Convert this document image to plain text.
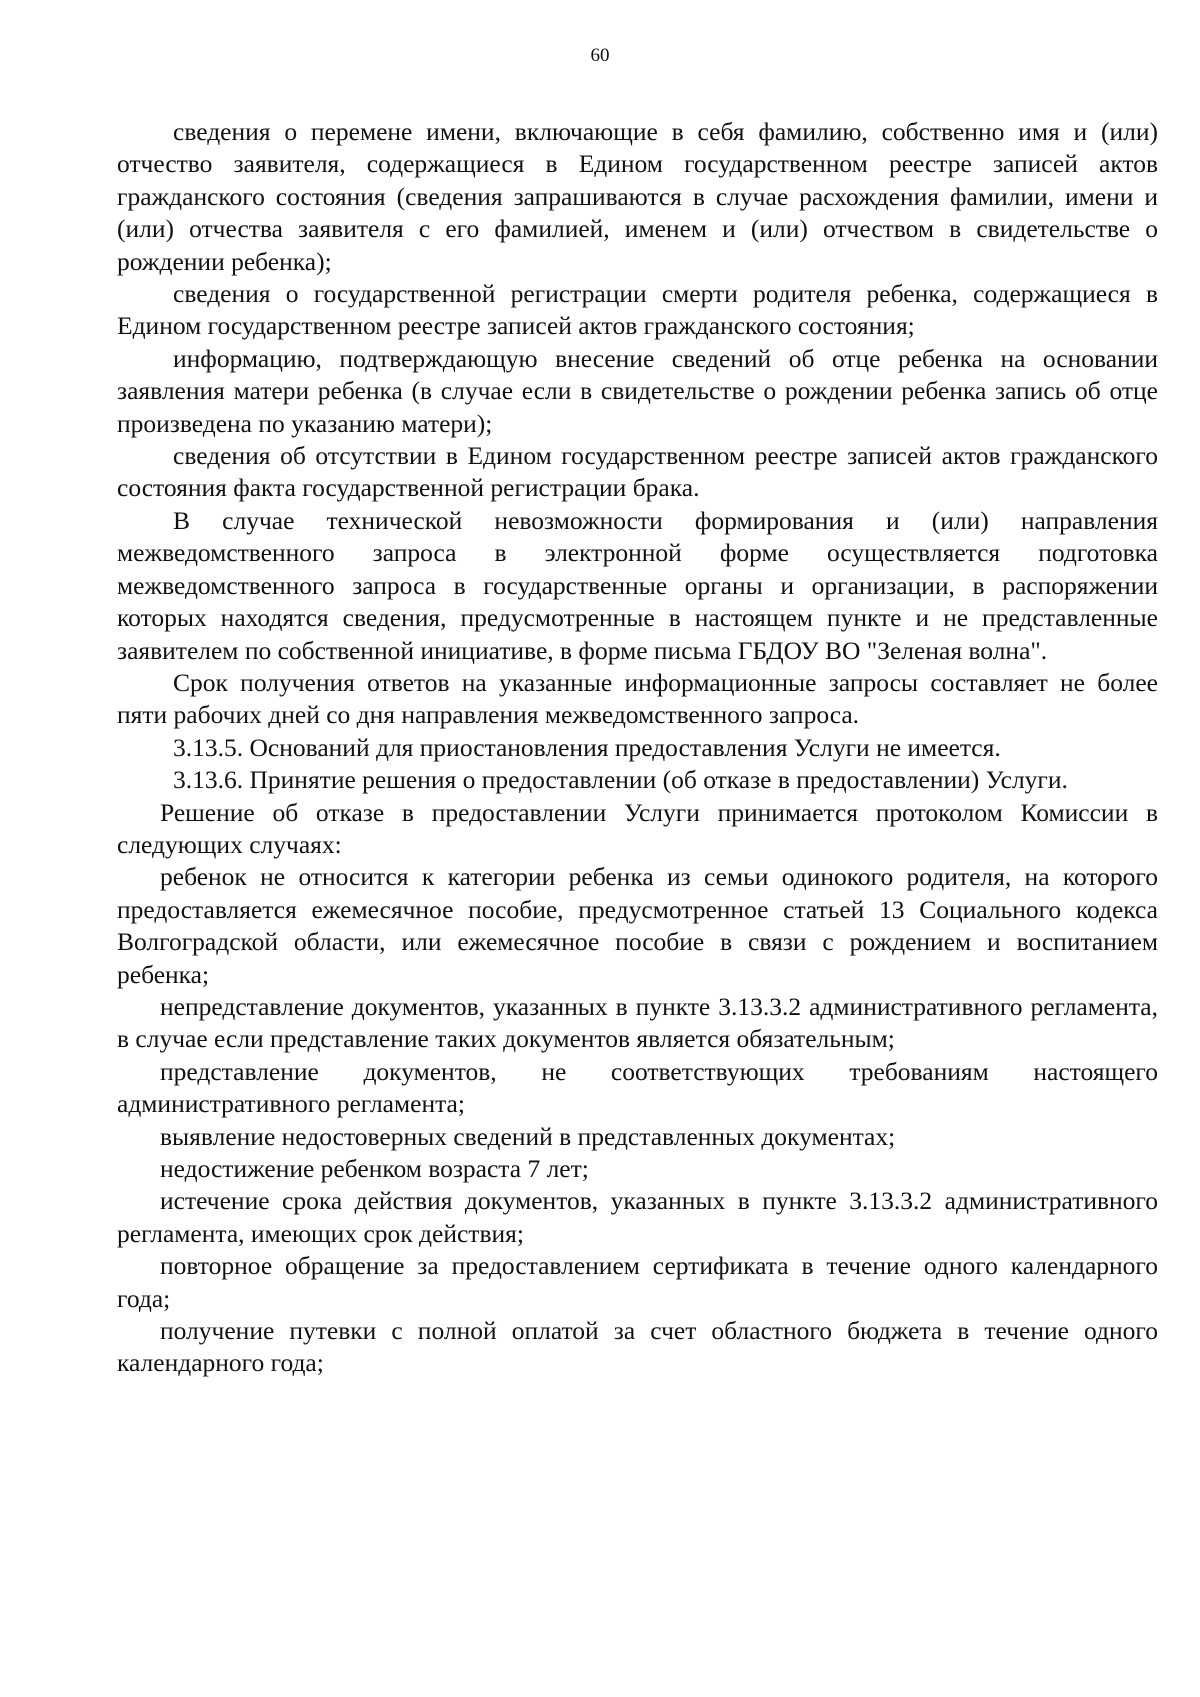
60

сведения о перемене имени, включающие в себя фамилию, собственно имя и (или) отчество заявителя, содержащиеся в Едином государственном реестре записей актов гражданского состояния (сведения запрашиваются в случае расхождения фамилии, имени и (или) отчества заявителя с его фамилией, именем и (или) отчеством в свидетельстве о рождении ребенка);

сведения о государственной регистрации смерти родителя ребенка, содержащиеся в Едином государственном реестре записей актов гражданского состояния;

информацию, подтверждающую внесение сведений об отце ребенка на основании заявления матери ребенка (в случае если в свидетельстве о рождении ребенка запись об отце произведена по указанию матери);

сведения об отсутствии в Едином государственном реестре записей актов гражданского состояния факта государственной регистрации брака.

В случае технической невозможности формирования и (или) направления межведомственного запроса в электронной форме осуществляется подготовка межведомственного запроса в государственные органы и организации, в распоряжении которых находятся сведения, предусмотренные в настоящем пункте и не представленные заявителем по собственной инициативе, в форме письма ГБДОУ ВО "Зеленая волна".

Срок получения ответов на указанные информационные запросы составляет не более пяти рабочих дней со дня направления межведомственного запроса.

3.13.5. Оснований для приостановления предоставления Услуги не имеется.

3.13.6. Принятие решения о предоставлении (об отказе в предоставлении) Услуги.

Решение об отказе в предоставлении Услуги принимается протоколом Комиссии в следующих случаях:

ребенок не относится к категории ребенка из семьи одинокого родителя, на которого предоставляется ежемесячное пособие, предусмотренное статьей 13 Социального кодекса Волгоградской области, или ежемесячное пособие в связи с рождением и воспитанием ребенка;

непредставление документов, указанных в пункте 3.13.3.2 административного регламента, в случае если представление таких документов является обязательным;

представление документов, не соответствующих требованиям настоящего административного регламента;

выявление недостоверных сведений в представленных документах;

недостижение ребенком возраста 7 лет;

истечение срока действия документов, указанных в пункте 3.13.3.2 административного регламента, имеющих срок действия;

повторное обращение за предоставлением сертификата в течение одного календарного года;

получение путевки с полной оплатой за счет областного бюджета в течение одного календарного года;
